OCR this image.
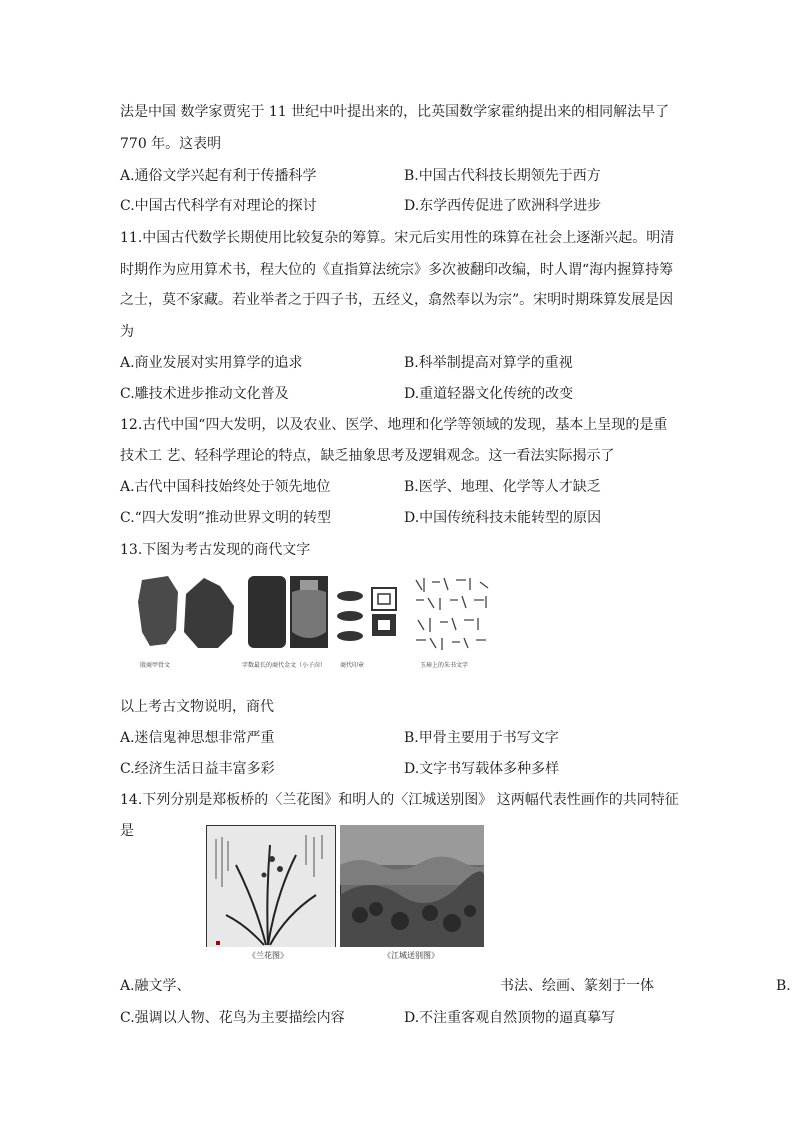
法是中国 数学家贾宪于 11 世纪中叶提出来的，比英国数学家霍纳提出来的相同解法早了
770 年。这表明
A.通俗文学兴起有利于传播科学	B.中国古代科技长期领先于西方
C.中国古代科学有对理论的探讨	D.东学西传促进了欧洲科学进步
11.中国古代数学长期使用比较复杂的筹算。宋元后实用性的珠算在社会上逐渐兴起。明清
时期作为应用算术书，程大位的《直指算法统宗》多次被翻印改编，时人谓“海内握算持筹
之士，莫不家藏。若业举者之于四子书，五经义，翕然奉以为宗”。宋明时期珠算发展是因
为
A.商业发展对实用算学的追求	B.科举制提高对算学的重视
C.雕技术进步推动文化普及	D.重道轻器文化传统的改变
12.古代中国“四大发明，以及农业、医学、地理和化学等领域的发现，基本上呈现的是重
技术工 艺、轻科学理论的特点，缺乏抽象思考及逻辑观念。这一看法实际揭示了
A.古代中国科技始终处于领先地位	B.医学、地理、化学等人才缺乏
C.“四大发明”推动世界文明的转型	D.中国传统科技未能转型的原因
13.下图为考古发现的商代文字
殷商甲骨文	字数最长的商代金文（小子卣） 商代印章	玉璋上的朱书文字
以上考古文物说明，商代
A.迷信鬼神思想非常严重	B.甲骨主要用于书写文字
C.经济生活日益丰富多彩	D.文字书写载体多种多样
14.下列分别是郑板桥的〈兰花图》和明人的〈江城送别图》 这两幅代表性画作的共同特征
是
《兰花图》	《江城送别图》
A.融文学、	书法、绘画、篆刻于一体	B.
C.强调以人物、花鸟为主要描绘内容	D.不注重客观自然顶物的逼真摹写
